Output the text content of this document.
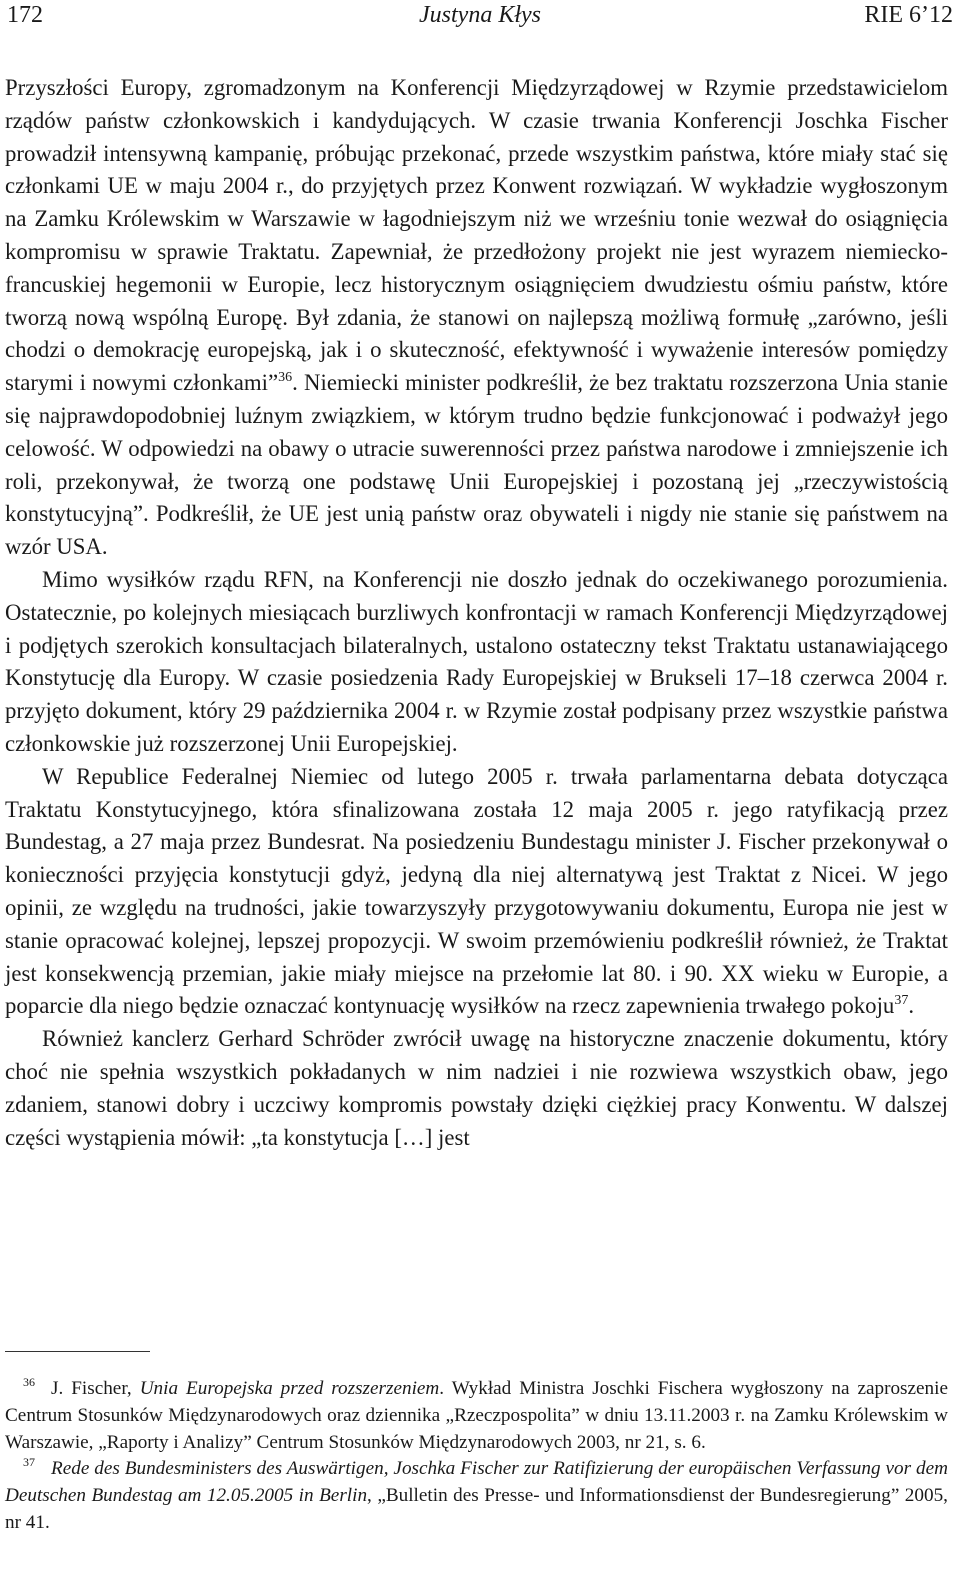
172	Justyna Kłys	RIE 6’12

Przyszłości Europy, zgromadzonym na Konferencji Międzyrządowej w Rzymie przedstawicielom rządów państw członkowskich i kandydujących. W czasie trwania Konferencji Joschka Fischer prowadził intensywną kampanię, próbując przekonać, przede wszystkim państwa, które miały stać się członkami UE w maju 2004 r., do przyjętych przez Konwent rozwiązań. W wykładzie wygłoszonym na Zamku Królewskim w Warszawie w łagodniejszym niż we wrześniu tonie wezwał do osiągnięcia kompromisu w sprawie Traktatu. Zapewniał, że przedłożony projekt nie jest wyrazem niemiecko-francuskiej hegemonii w Europie, lecz historycznym osiągnięciem dwudziestu ośmiu państw, które tworzą nową wspólną Europę. Był zdania, że stanowi on najlepszą możliwą formułę „zarówno, jeśli chodzi o demokrację europejską, jak i o skuteczność, efektywność i wyważenie interesów pomiędzy starymi i nowymi członkami”$^{36}$. Niemiecki minister podkreślił, że bez traktatu rozszerzona Unia stanie się najprawdopodobniej luźnym związkiem, w którym trudno będzie funkcjonować i podważył jego celowość. W odpowiedzi na obawy o utracie suwerenności przez państwa narodowe i zmniejszenie ich roli, przekonywał, że tworzą one podstawę Unii Europejskiej i pozostaną jej „rzeczywistością konstytucyjną”. Podkreślił, że UE jest unią państw oraz obywateli i nigdy nie stanie się państwem na wzór USA.

Mimo wysiłków rządu RFN, na Konferencji nie doszło jednak do oczekiwanego porozumienia. Ostatecznie, po kolejnych miesiącach burzliwych konfrontacji w ramach Konferencji Międzyrządowej i podjętych szerokich konsultacjach bilateralnych, ustalono ostateczny tekst Traktatu ustanawiającego Konstytucję dla Europy. W czasie posiedzenia Rady Europejskiej w Brukseli 17–18 czerwca 2004 r. przyjęto dokument, który 29 października 2004 r. w Rzymie został podpisany przez wszystkie państwa członkowskie już rozszerzonej Unii Europejskiej.

W Republice Federalnej Niemiec od lutego 2005 r. trwała parlamentarna debata dotycząca Traktatu Konstytucyjnego, która sfinalizowana została 12 maja 2005 r. jego ratyfikacją przez Bundestag, a 27 maja przez Bundesrat. Na posiedzeniu Bundestagu minister J. Fischer przekonywał o konieczności przyjęcia konstytucji gdyż, jedyną dla niej alternatywą jest Traktat z Nicei. W jego opinii, ze względu na trudności, jakie towarzyszyły przygotowywaniu dokumentu, Europa nie jest w stanie opracować kolejnej, lepszej propozycji. W swoim przemówieniu podkreślił również, że Traktat jest konsekwencją przemian, jakie miały miejsce na przełomie lat 80. i 90. XX wieku w Europie, a poparcie dla niego będzie oznaczać kontynuację wysiłków na rzecz zapewnienia trwałego pokoju$^{37}$.

Również kanclerz Gerhard Schröder zwrócił uwagę na historyczne znaczenie dokumentu, który choć nie spełnia wszystkich pokładanych w nim nadziei i nie rozwiewa wszystkich obaw, jego zdaniem, stanowi dobry i uczciwy kompromis powstały dzięki ciężkiej pracy Konwentu. W dalszej części wystąpienia mówił: „ta konstytucja […] jest

$^{36}$ J. Fischer, Unia Europejska przed rozszerzeniem. Wykład Ministra Joschki Fischera wygłoszony na zaproszenie Centrum Stosunków Międzynarodowych oraz dziennika „Rzeczpospolita” w dniu 13.11.2003 r. na Zamku Królewskim w Warszawie, „Raporty i Analizy” Centrum Stosunków Międzynarodowych 2003, nr 21, s. 6.

$^{37}$ Rede des Bundesministers des Auswärtigen, Joschka Fischer zur Ratifizierung der europäischen Verfassung vor dem Deutschen Bundestag am 12.05.2005 in Berlin, „Bulletin des Presse- und Informationsdienst der Bundesregierung” 2005, nr 41.
